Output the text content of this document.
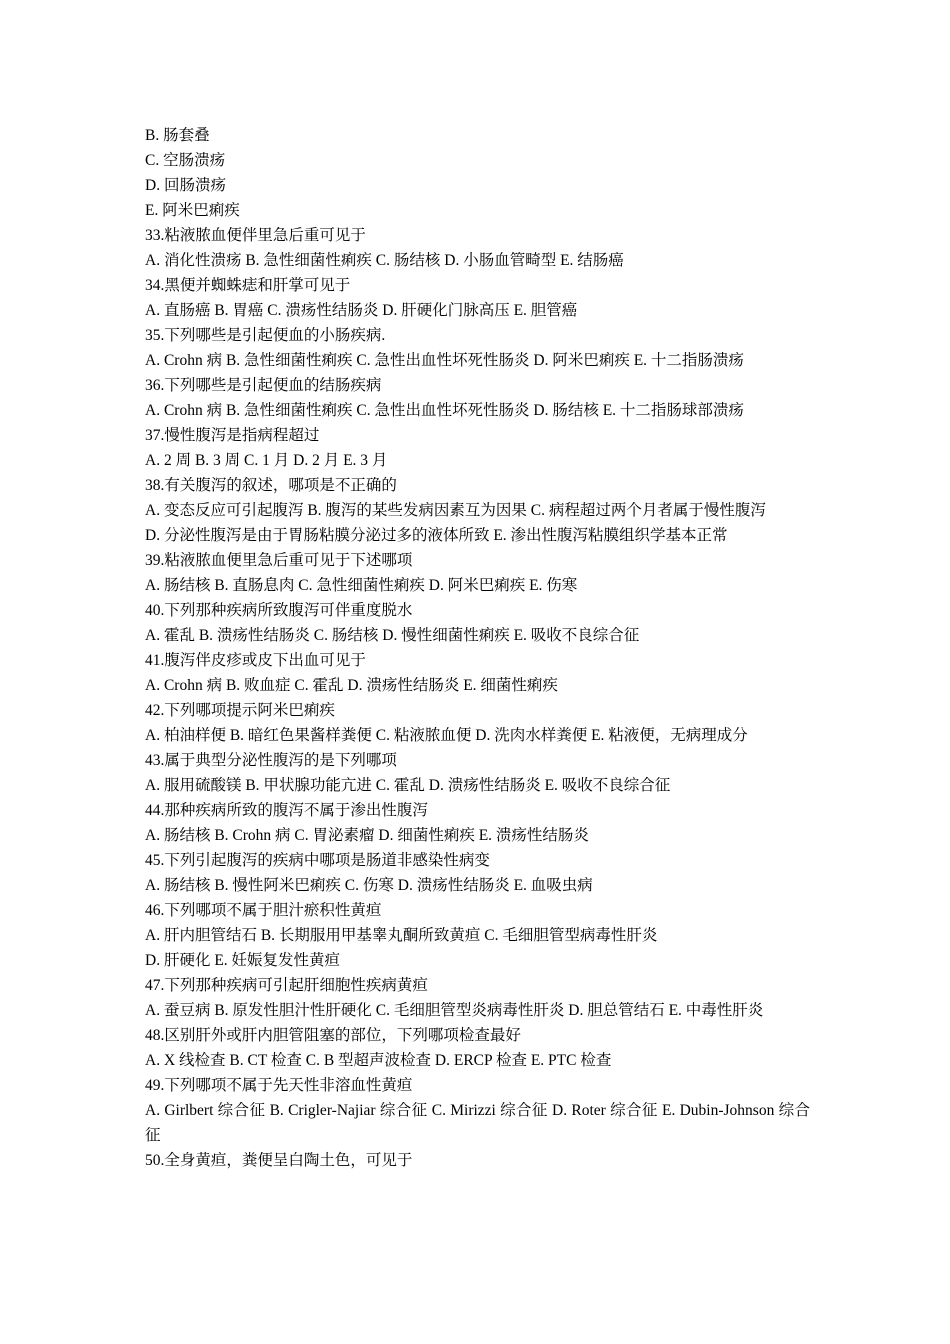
B. 肠套叠
C. 空肠溃疡
D. 回肠溃疡
E. 阿米巴痢疾
33.粘液脓血便伴里急后重可见于
A. 消化性溃疡 B. 急性细菌性痢疾 C. 肠结核 D. 小肠血管畸型 E. 结肠癌
34.黑便并蜘蛛痣和肝掌可见于
A. 直肠癌 B. 胃癌 C. 溃疡性结肠炎 D. 肝硬化门脉高压 E. 胆管癌
35.下列哪些是引起便血的小肠疾病.
A. Crohn 病 B. 急性细菌性痢疾 C. 急性出血性坏死性肠炎 D. 阿米巴痢疾 E. 十二指肠溃疡
36.下列哪些是引起便血的结肠疾病
A. Crohn 病 B. 急性细菌性痢疾 C. 急性出血性坏死性肠炎 D. 肠结核 E. 十二指肠球部溃疡
37.慢性腹泻是指病程超过
A. 2 周 B. 3 周 C. 1 月 D. 2 月 E. 3 月
38.有关腹泻的叙述，哪项是不正确的
A. 变态反应可引起腹泻 B. 腹泻的某些发病因素互为因果 C. 病程超过两个月者属于慢性腹泻
D. 分泌性腹泻是由于胃肠粘膜分泌过多的液体所致 E. 渗出性腹泻粘膜组织学基本正常
39.粘液脓血便里急后重可见于下述哪项
A. 肠结核 B. 直肠息肉 C. 急性细菌性痢疾 D. 阿米巴痢疾 E. 伤寒
40.下列那种疾病所致腹泻可伴重度脱水
A. 霍乱 B. 溃疡性结肠炎 C. 肠结核 D. 慢性细菌性痢疾 E. 吸收不良综合征
41.腹泻伴皮疹或皮下出血可见于
A. Crohn 病 B. 败血症 C. 霍乱 D. 溃疡性结肠炎 E. 细菌性痢疾
42.下列哪项提示阿米巴痢疾
A. 柏油样便 B. 暗红色果酱样粪便 C. 粘液脓血便 D. 洗肉水样粪便 E. 粘液便，无病理成分
43.属于典型分泌性腹泻的是下列哪项
A. 服用硫酸镁 B. 甲状腺功能亢进 C. 霍乱 D. 溃疡性结肠炎 E. 吸收不良综合征
44.那种疾病所致的腹泻不属于渗出性腹泻
A. 肠结核 B. Crohn 病 C. 胃泌素瘤 D. 细菌性痢疾 E. 溃疡性结肠炎
45.下列引起腹泻的疾病中哪项是肠道非感染性病变
A. 肠结核 B. 慢性阿米巴痢疾 C. 伤寒 D. 溃疡性结肠炎 E. 血吸虫病
46.下列哪项不属于胆汁瘀积性黄疸
A. 肝内胆管结石 B. 长期服用甲基睾丸酮所致黄疸 C. 毛细胆管型病毒性肝炎
D. 肝硬化 E. 妊娠复发性黄疸
47.下列那种疾病可引起肝细胞性疾病黄疸
A. 蚕豆病 B. 原发性胆汁性肝硬化 C. 毛细胆管型炎病毒性肝炎 D. 胆总管结石 E. 中毒性肝炎
48.区别肝外或肝内胆管阻塞的部位，下列哪项检查最好
A. X 线检查 B. CT 检查 C. B 型超声波检查 D. ERCP 检查 E. PTC 检查
49.下列哪项不属于先天性非溶血性黄疸
A. Girlbert 综合征 B. Crigler-Najiar 综合征 C. Mirizzi 综合征 D. Roter 综合征 E. Dubin-Johnson 综合征
50.全身黄疸，粪便呈白陶土色，可见于
